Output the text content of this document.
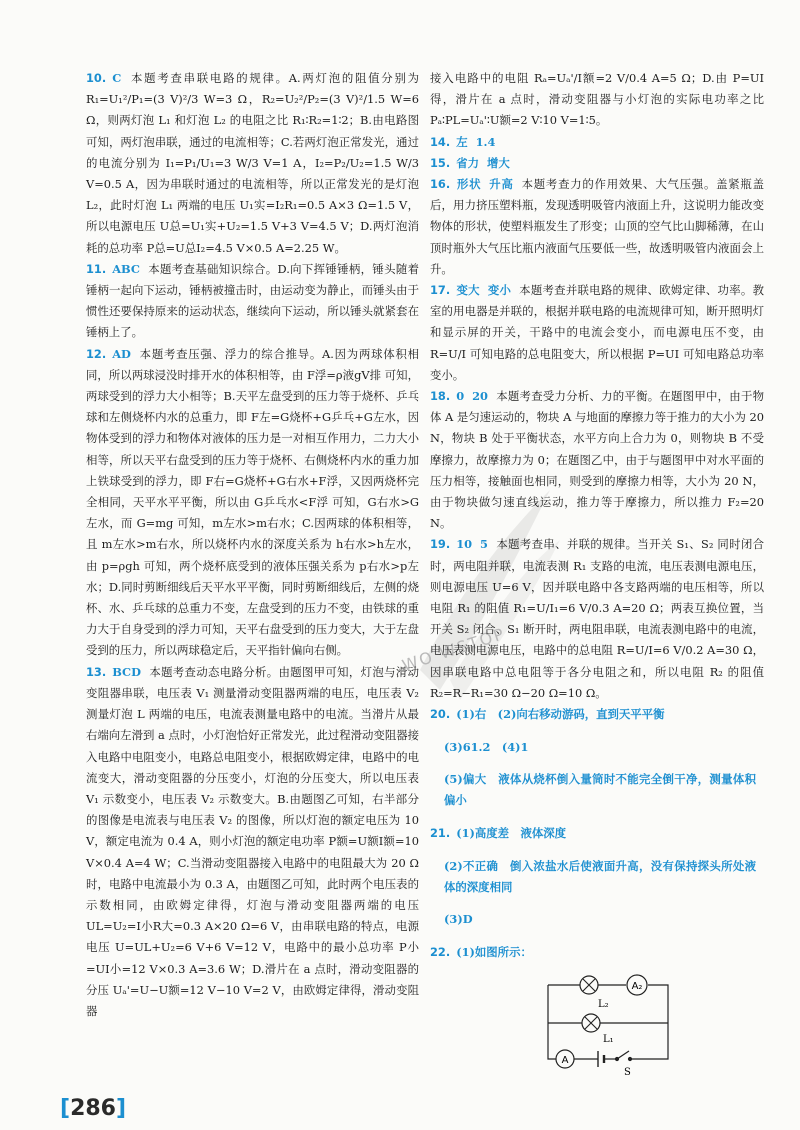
WO WSTOP

10. C 本题考查串联电路的规律。A.两灯泡的阻值分别为 R₁=U₁²/P₁=(3 V)²/3 W=3 Ω，R₂=U₂²/P₂=(3 V)²/1.5 W=6 Ω，则两灯泡 L₁ 和灯泡 L₂ 的电阻之比 R₁∶R₂=1∶2；B.由电路图可知，两灯泡串联，通过的电流相等；C.若两灯泡正常发光，通过的电流分别为 I₁=P₁/U₁=3 W/3 V=1 A，I₂=P₂/U₂=1.5 W/3 V=0.5 A，因为串联时通过的电流相等，所以正常发光的是灯泡 L₂，此时灯泡 L₁ 两端的电压 U₁实=I₂R₁=0.5 A×3 Ω=1.5 V，所以电源电压 U总=U₁实+U₂=1.5 V+3 V=4.5 V；D.两灯泡消耗的总功率 P总=U总I₂=4.5 V×0.5 A=2.25 W。

11. ABC 本题考查基础知识综合。D.向下挥锤锤柄，锤头随着锤柄一起向下运动，锤柄被撞击时，由运动变为静止，而锤头由于惯性还要保持原来的运动状态，继续向下运动，所以锤头就紧套在锤柄上了。

12. AD 本题考查压强、浮力的综合推导。A.因为两球体积相同，所以两球浸没时排开水的体积相等，由 F浮=ρ液gV排 可知，两球受到的浮力大小相等；B.天平左盘受到的压力等于烧杯、乒乓球和左侧烧杯内水的总重力，即 F左=G烧杯+G乒乓+G左水，因物体受到的浮力和物体对液体的压力是一对相互作用力，二力大小相等，所以天平右盘受到的压力等于烧杯、右侧烧杯内水的重力加上铁球受到的浮力，即 F右=G烧杯+G右水+F浮，又因两烧杯完全相同，天平水平平衡，所以由 G乒乓水<F浮 可知，G右水>G左水，而 G=mg 可知，m左水>m右水；C.因两球的体积相等，且 m左水>m右水，所以烧杯内水的深度关系为 h右水>h左水，由 p=ρgh 可知，两个烧杯底受到的液体压强关系为 p右水>p左水；D.同时剪断细线后天平水平平衡，同时剪断细线后，左侧的烧杯、水、乒乓球的总重力不变，左盘受到的压力不变，由铁球的重力大于自身受到的浮力可知，天平右盘受到的压力变大，大于左盘受到的压力，所以两球稳定后，天平指针偏向右侧。

13. BCD 本题考查动态电路分析。由题图甲可知，灯泡与滑动变阻器串联，电压表 V₁ 测量滑动变阻器两端的电压，电压表 V₂ 测量灯泡 L 两端的电压，电流表测量电路中的电流。当滑片从最右端向左滑到 a 点时，小灯泡恰好正常发光，此过程滑动变阻器接入电路中电阻变小，电路总电阻变小，根据欧姆定律，电路中的电流变大，滑动变阻器的分压变小，灯泡的分压变大，所以电压表 V₁ 示数变小，电压表 V₂ 示数变大。B.由题图乙可知，右半部分的图像是电流表与电压表 V₂ 的图像，所以灯泡的额定电压为 10 V，额定电流为 0.4 A，则小灯泡的额定电功率 P额=U额I额=10 V×0.4 A=4 W；C.当滑动变阻器接入电路中的电阻最大为 20 Ω 时，电路中电流最小为 0.3 A，由题图乙可知，此时两个电压表的示数相同，由欧姆定律得，灯泡与滑动变阻器两端的电压 UL=U₂=I小R大=0.3 A×20 Ω=6 V，由串联电路的特点，电源电压 U=UL+U₂=6 V+6 V=12 V，电路中的最小总功率 P小=UI小=12 V×0.3 A=3.6 W；D.滑片在 a 点时，滑动变阻器的分压 Uₐ'=U−U额=12 V−10 V=2 V，由欧姆定律得，滑动变阻器

接入电路中的电阻 Rₐ=Uₐ'/I额=2 V/0.4 A=5 Ω；D.由 P=UI 得，滑片在 a 点时，滑动变阻器与小灯泡的实际电功率之比 Pₐ∶PL=Uₐ'∶U额=2 V∶10 V=1∶5。

14. 左 1.4

15. 省力 增大

16. 形状 升高 本题考查力的作用效果、大气压强。盖紧瓶盖后，用力挤压塑料瓶，发现透明吸管内液面上升，这说明力能改变物体的形状，使塑料瓶发生了形变；山顶的空气比山脚稀薄，在山顶时瓶外大气压比瓶内液面气压要低一些，故透明吸管内液面会上升。

17. 变大 变小 本题考查并联电路的规律、欧姆定律、功率。教室的用电器是并联的，根据并联电路的电流规律可知，断开照明灯和显示屏的开关，干路中的电流会变小，而电源电压不变，由 R=U/I 可知电路的总电阻变大，所以根据 P=UI 可知电路总功率变小。

18. 0 20 本题考查受力分析、力的平衡。在题图甲中，由于物体 A 是匀速运动的，物块 A 与地面的摩擦力等于推力的大小为 20 N，物块 B 处于平衡状态，水平方向上合力为 0，则物块 B 不受摩擦力，故摩擦力为 0；在题图乙中，由于与题图甲中对水平面的压力相等，接触面也相同，则受到的摩擦力相等，大小为 20 N，由于物块做匀速直线运动，推力等于摩擦力，所以推力 F₂=20 N。

19. 10 5 本题考查串、并联的规律。当开关 S₁、S₂ 同时闭合时，两电阻并联，电流表测 R₁ 支路的电流，电压表测电源电压，则电源电压 U=6 V，因并联电路中各支路两端的电压相等，所以电阻 R₁ 的阻值 R₁=U/I₁=6 V/0.3 A=20 Ω；两表互换位置，当开关 S₂ 闭合、S₁ 断开时，两电阻串联，电流表测电路中的电流，电压表测电源电压，电路中的总电阻 R=U/I=6 V/0.2 A=30 Ω，因串联电路中总电阻等于各分电阻之和，所以电阻 R₂ 的阻值 R₂=R−R₁=30 Ω−20 Ω=10 Ω。

20. (1)右　(2)向右移动游码，直到天平平衡

(3)61.2　(4)1

(5)偏大　液体从烧杯倒入量筒时不能完全倒干净，测量体积偏小

21. (1)高度差　液体深度

(2)不正确　倒入浓盐水后使液面升高，没有保持探头所处液体的深度相同

(3)D

22. (1)如图所示：

A₂
L₂
L₁
A
S
[286]
